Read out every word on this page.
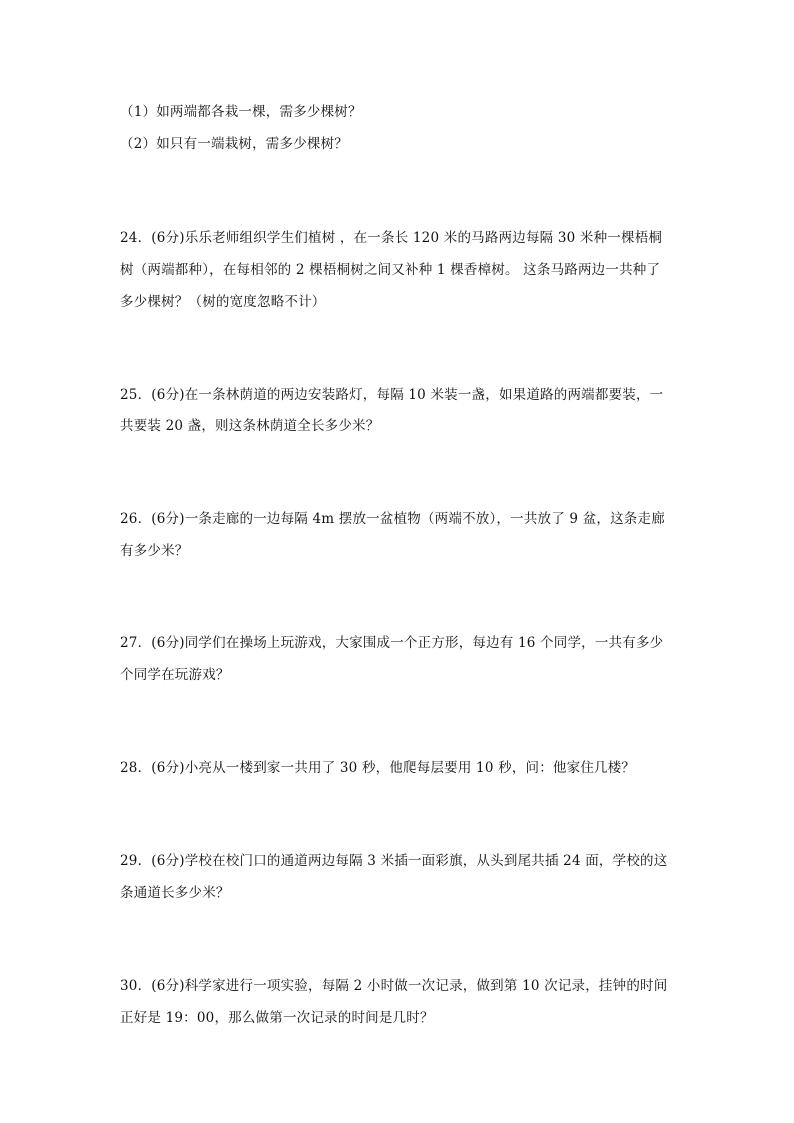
（1）如两端都各栽一棵，需多少棵树？
（2）如只有一端栽树，需多少棵树？
24．(6分)乐乐老师组织学生们植树 ，在一条长 120 米的马路两边每隔 30 米种一棵梧桐
树（两端都种），在每相邻的 2 棵梧桐树之间又补种 1 棵香樟树。 这条马路两边一共种了
多少棵树？（树的宽度忽略不计）
25．(6分)在一条林荫道的两边安装路灯，每隔 10 米装一盏，如果道路的两端都要装，一
共要装 20 盏，则这条林荫道全长多少米？
26．(6分)一条走廊的一边每隔 4m 摆放一盆植物（两端不放），一共放了 9 盆，这条走廊
有多少米？
27．(6分)同学们在操场上玩游戏，大家围成一个正方形，每边有 16 个同学，一共有多少
个同学在玩游戏？
28．(6分)小亮从一楼到家一共用了 30 秒，他爬每层要用 10 秒，问：他家住几楼？
29．(6分)学校在校门口的通道两边每隔 3 米插一面彩旗，从头到尾共插 24 面，学校的这
条通道长多少米？
30．(6分)科学家进行一项实验，每隔 2 小时做一次记录，做到第 10 次记录，挂钟的时间
正好是 19：00，那么做第一次记录的时间是几时？
